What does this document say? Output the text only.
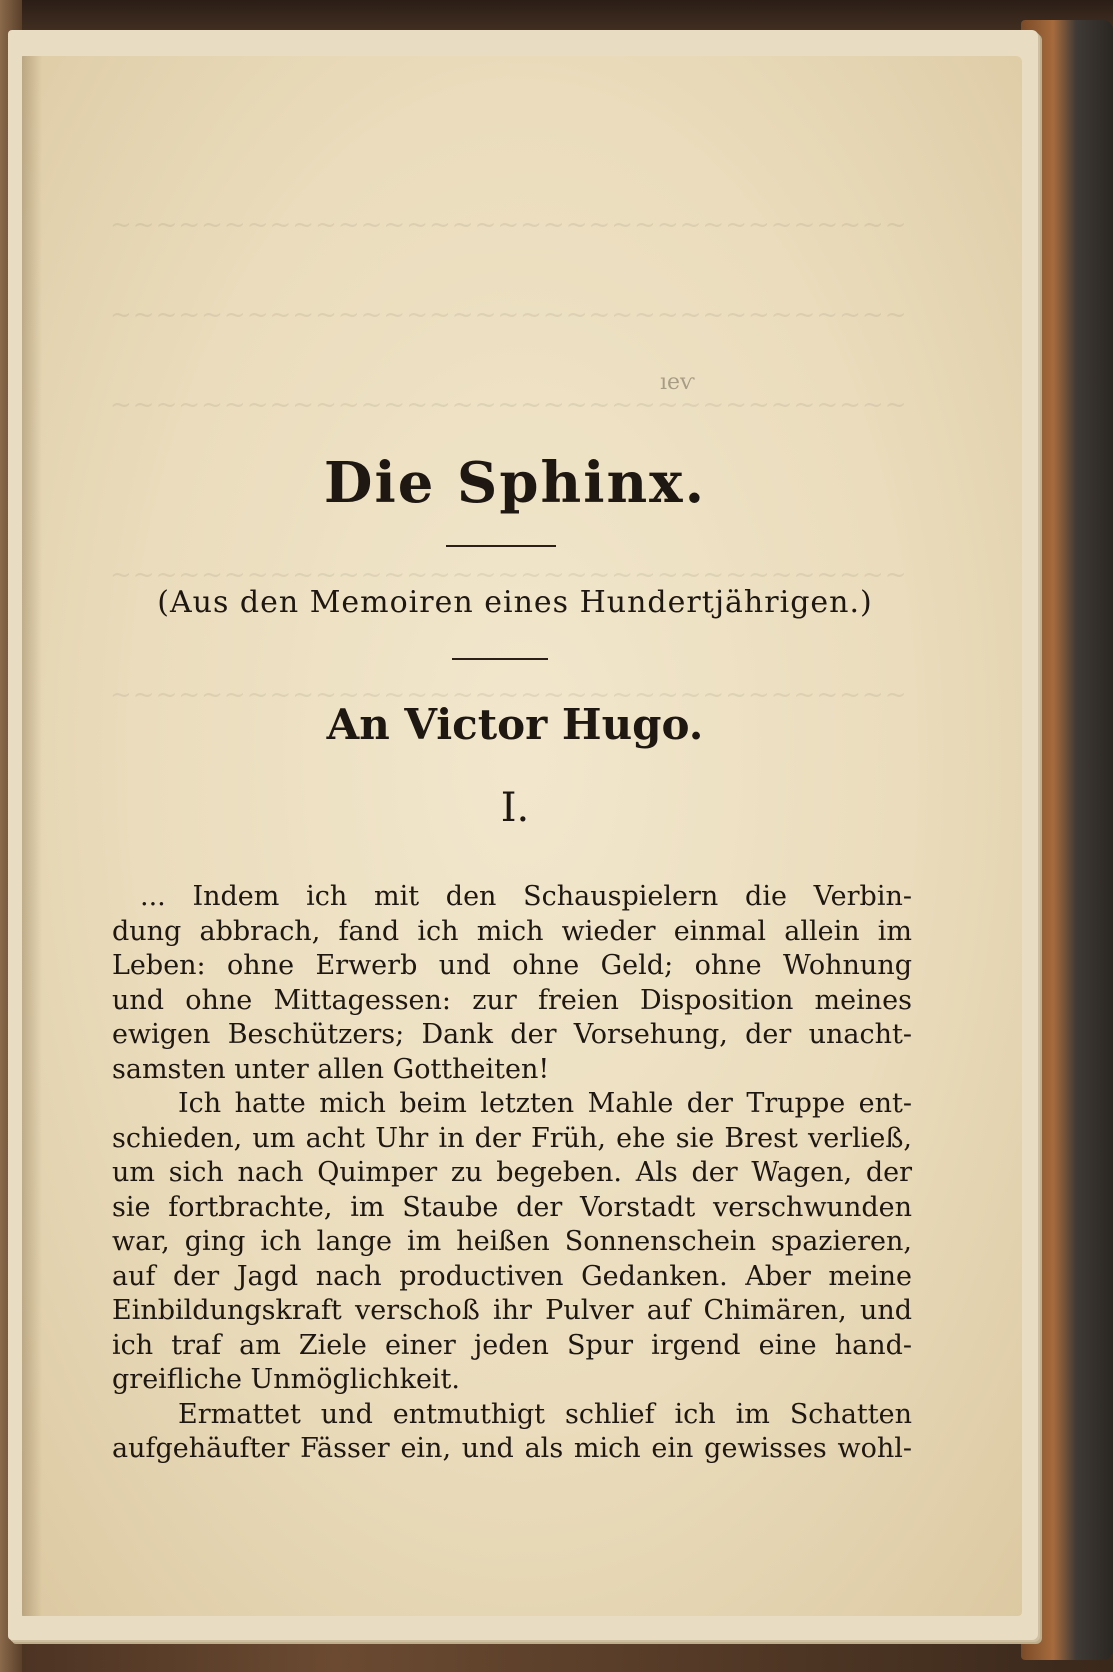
~~~~~~~~~~~~~~~~~~~~~~~~~~~~~~~~~~~
~~~~~~~~~~~~~~~~~~~~~~~~~~~~~~~~~~~
~~~~~~~~~~~~~~~~~~~~~~~~~~~~~~~~~~~
~~~~~~~~~~~~~~~~~~~~~~~~~~~~~~~~~~~
~~~~~~~~~~~~~~~~~~~~~~~~~~~~~~~~~~~
ıeⱱ
Die Sphinx.
(Aus den Memoiren eines Hundertjährigen.)
An Victor Hugo.
I.
... Indem ich mit den Schauspielern die Verbin-
dung abbrach, fand ich mich wieder einmal allein im
Leben: ohne Erwerb und ohne Geld; ohne Wohnung
und ohne Mittagessen: zur freien Disposition meines
ewigen Beschützers; Dank der Vorsehung, der unacht-
samsten unter allen Gottheiten!
Ich hatte mich beim letzten Mahle der Truppe ent-
schieden, um acht Uhr in der Früh, ehe sie Brest verließ,
um sich nach Quimper zu begeben. Als der Wagen, der
sie fortbrachte, im Staube der Vorstadt verschwunden
war, ging ich lange im heißen Sonnenschein spazieren,
auf der Jagd nach productiven Gedanken. Aber meine
Einbildungskraft verschoß ihr Pulver auf Chimären, und
ich traf am Ziele einer jeden Spur irgend eine hand-
greifliche Unmöglichkeit.
Ermattet und entmuthigt schlief ich im Schatten
aufgehäufter Fässer ein, und als mich ein gewisses wohl-
